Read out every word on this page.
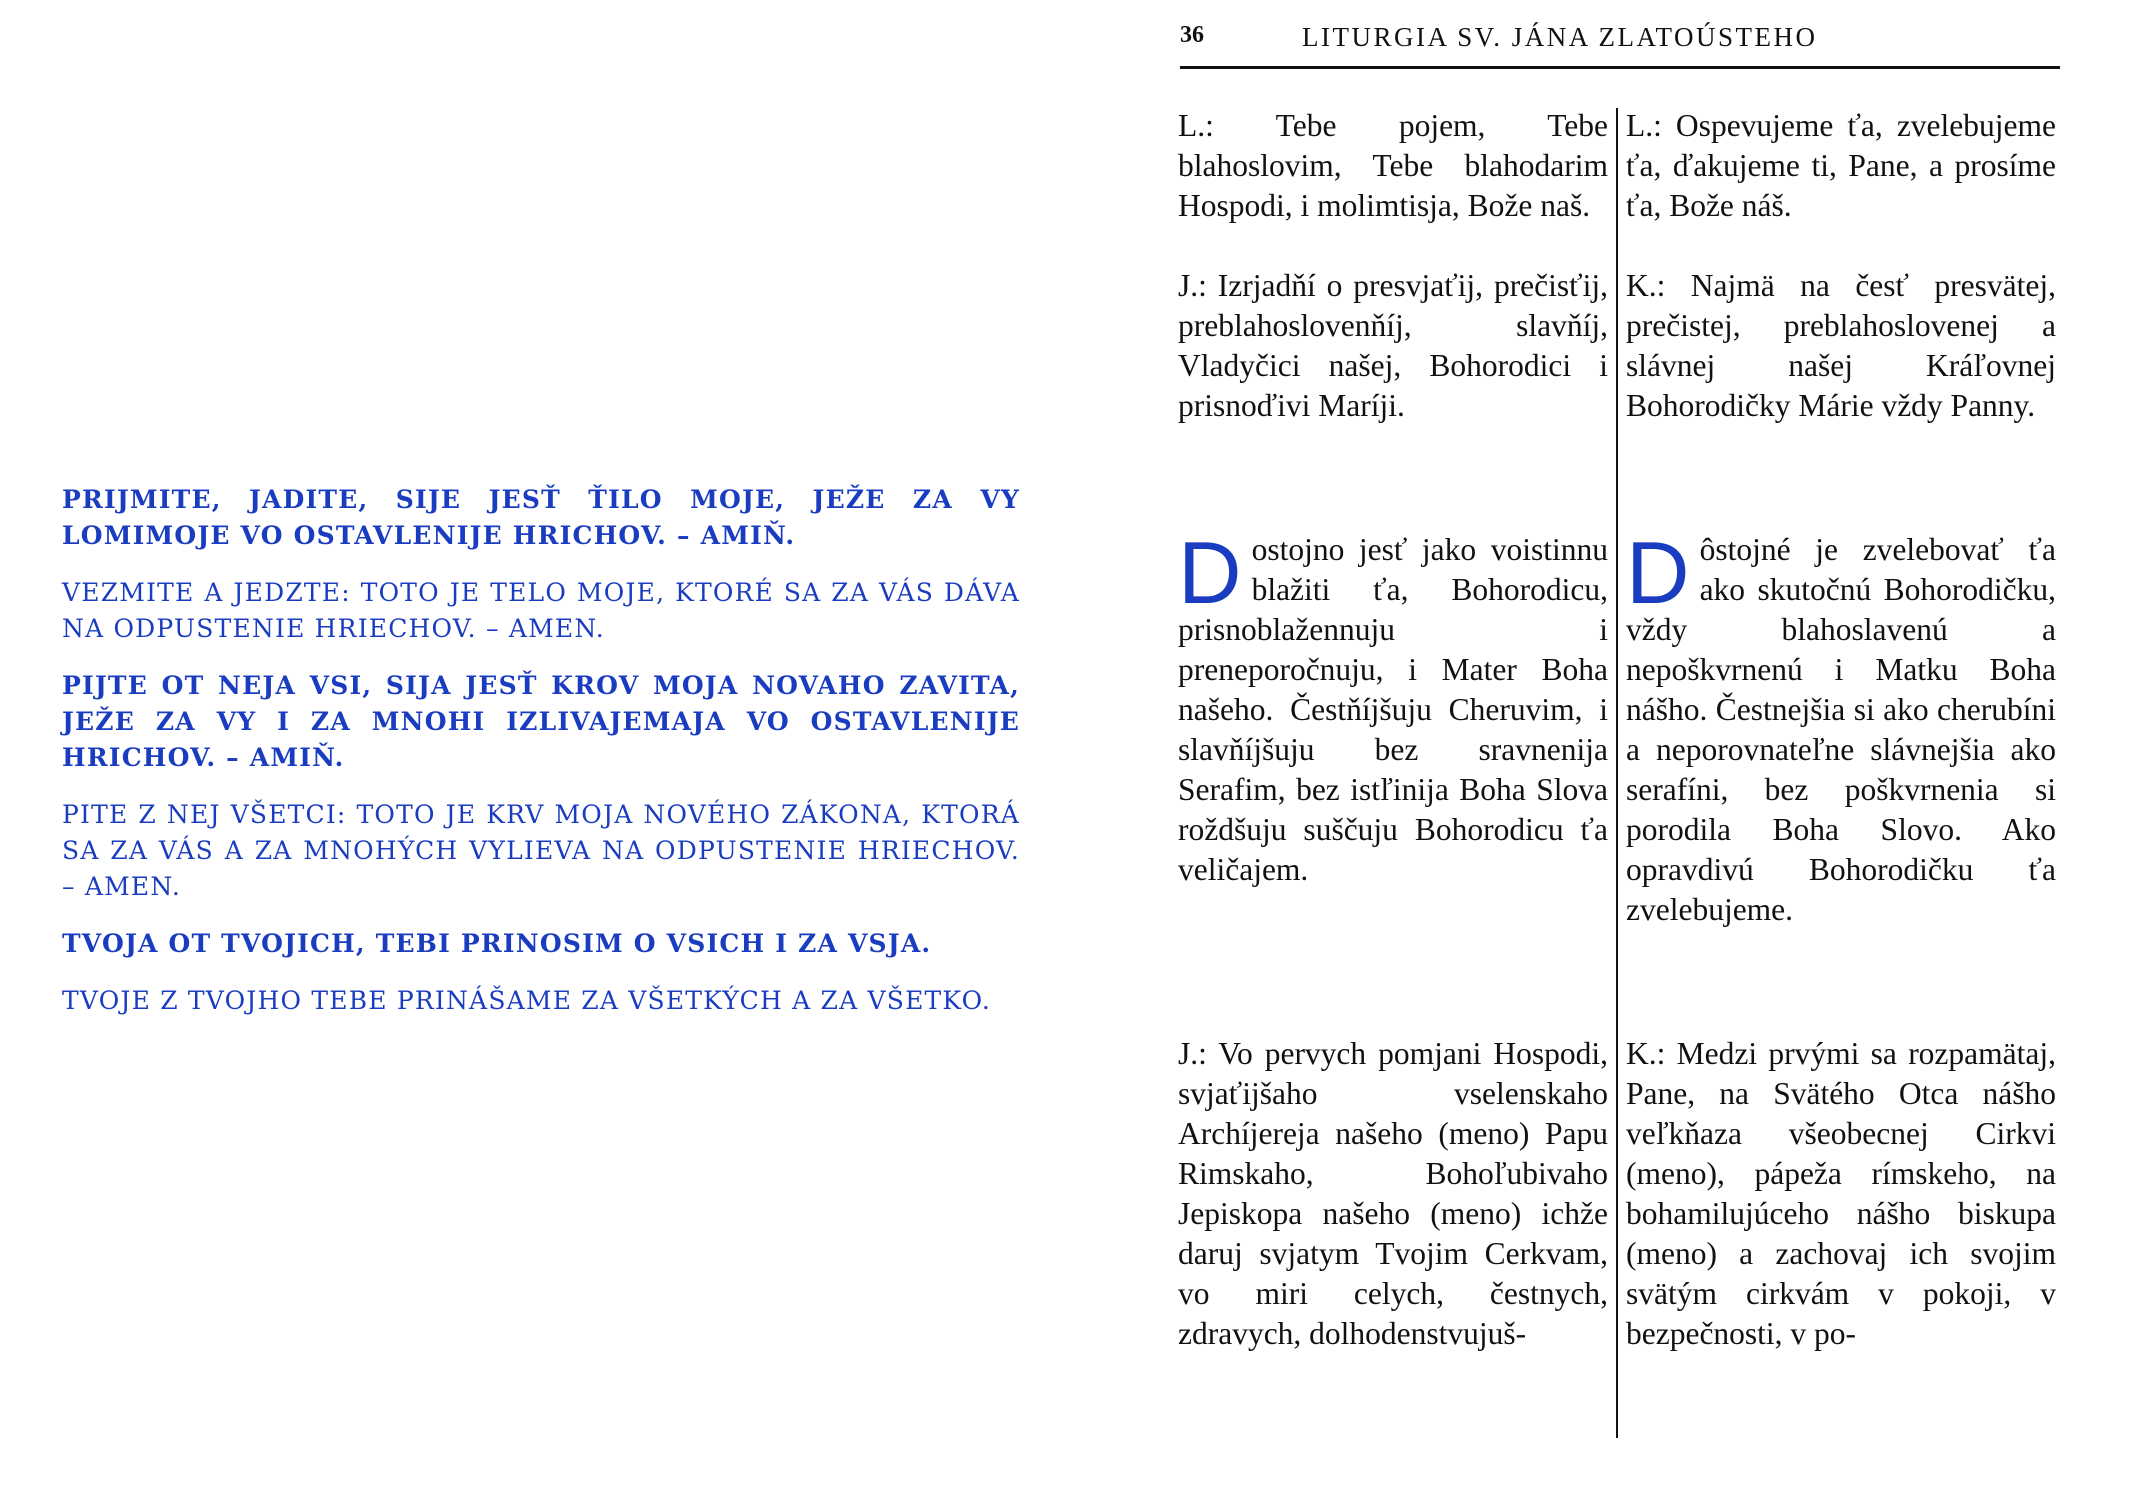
PRIJMITE, JADITE, SIJE JESŤ ŤILO MOJE, JEŽE ZA VY LOMIMOJE VO OSTAVLENIJE HRICHOV. – AMIŇ.

VEZMITE A JEDZTE: TOTO JE TELO MOJE, KTORÉ SA ZA VÁS DÁVA NA ODPUSTENIE HRIECHOV. – AMEN.

PIJTE OT NEJA VSI, SIJA JESŤ KROV MOJA NOVAHO ZAVITA, JEŽE ZA VY I ZA MNOHI IZLIVAJEMAJA VO OSTAVLENIJE HRICHOV. – AMIŇ.

PITE Z NEJ VŠETCI: TOTO JE KRV MOJA NOVÉHO ZÁKONA, KTORÁ SA ZA VÁS A ZA MNOHÝCH VYLIEVA NA ODPUSTENIE HRIECHOV. – AMEN.

TVOJA OT TVOJICH, TEBI PRINOSIM O VSICH I ZA VSJA.

TVOJE Z TVOJHO TEBE PRINÁŠAME ZA VŠETKÝCH A ZA VŠETKO.

36	LITURGIA SV. JÁNA ZLATOÚSTEHO

L.: Tebe pojem, Tebe blahoslovim, Tebe blahodarim Hospodi, i molimtisja, Bože naš.

J.: Izrjadňí o presvjaťij, prečisťij, preblahoslovenňíj, slavňíj, Vladyčici našej, Bohorodici i prisnoďivi Maríji.

Dostojno jesť jako voistinnu blažiti ťa, Bohorodicu, prisnoblažennuju i preneporočnuju, i Mater Boha našeho. Čestňíjšuju Cheruvim, i slavňíjšuju bez sravnenija Serafim, bez istľinija Boha Slova roždšuju suščuju Bohorodicu ťa veličajem.

J.: Vo pervych pomjani Hospodi, svjaťijšaho vselenskaho Archíjereja našeho (meno) Papu Rimskaho, Bohoľubivaho Jepiskopa našeho (meno) ichže daruj svjatym Tvojim Cerkvam, vo miri celych, čestnych, zdravych, dolhodenstvujuš-

L.: Ospevujeme ťa, zvelebujeme ťa, ďakujeme ti, Pane, a prosíme ťa, Bože náš.

K.: Najmä na česť presvätej, prečistej, preblahoslovenej a slávnej našej Kráľovnej Bohorodičky Márie vždy Panny.

Dôstojné je zvelebovať ťa ako skutočnú Bohorodičku, vždy blahoslavenú a nepoškvrnenú i Matku Boha nášho. Čestnejšia si ako cherubíni a neporovnateľne slávnejšia ako serafíni, bez poškvrnenia si porodila Boha Slovo. Ako opravdivú Bohorodičku ťa zvelebujeme.

K.: Medzi prvými sa rozpamätaj, Pane, na Svätého Otca nášho veľkňaza všeobecnej Cirkvi (meno), pápeža rímskeho, na bohamilujúceho nášho biskupa (meno) a zachovaj ich svojim svätým cirkvám v pokoji, v bezpečnosti, v po-
